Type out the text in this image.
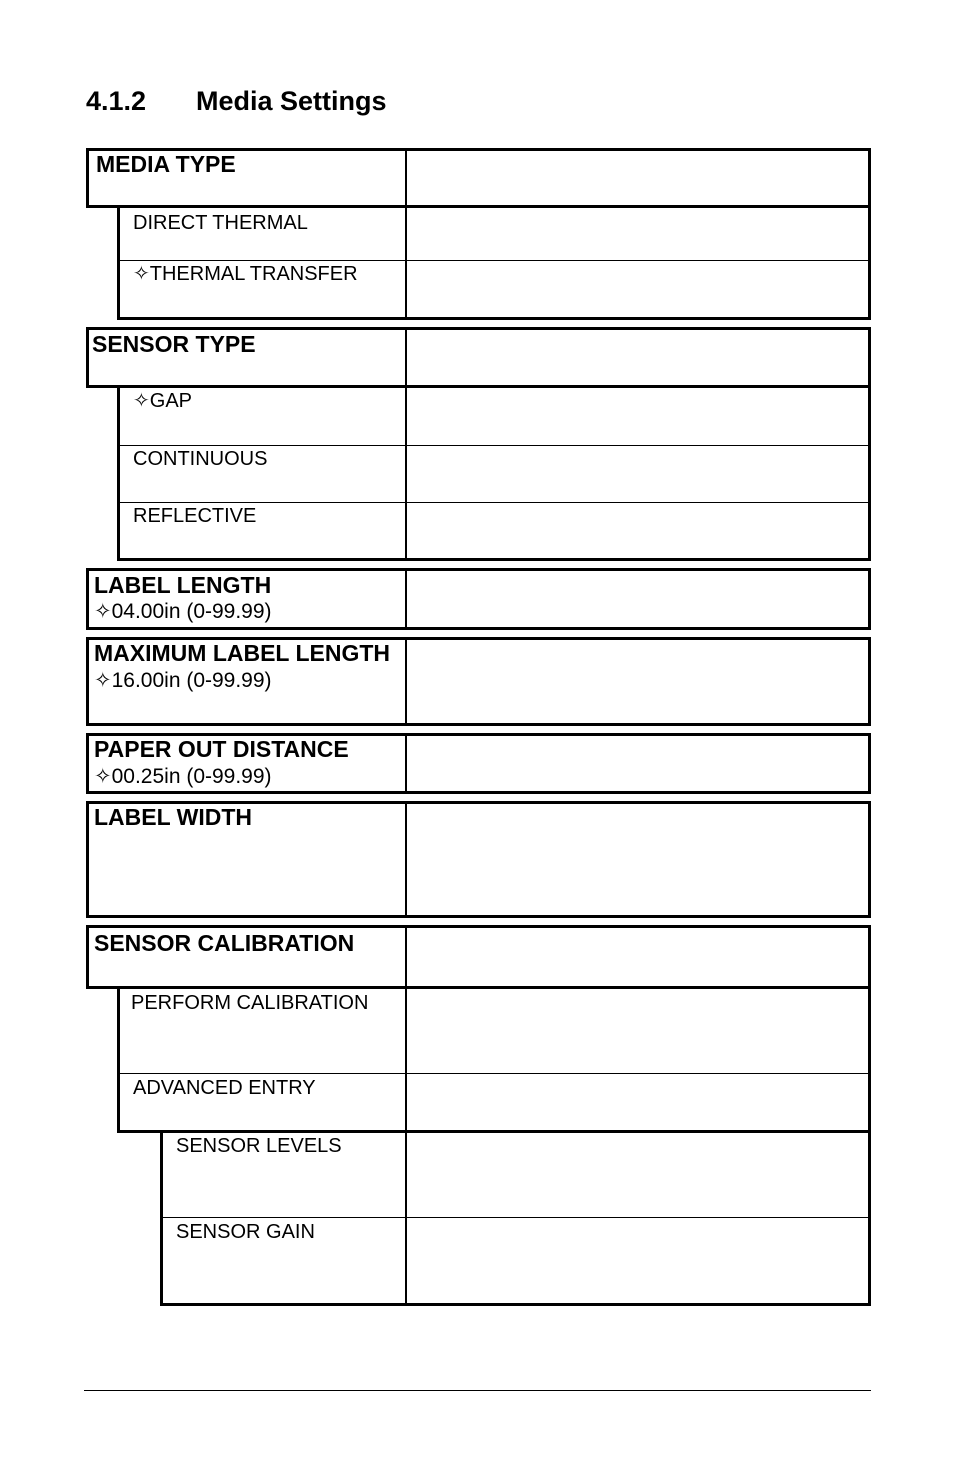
4.1.2 Media Settings
MEDIA TYPE
DIRECT THERMAL
✧THERMAL TRANSFER
SENSOR TYPE
✧GAP
CONTINUOUS
REFLECTIVE
LABEL LENGTH
✧04.00in (0-99.99)
MAXIMUM LABEL LENGTH
✧16.00in (0-99.99)
PAPER OUT DISTANCE
✧00.25in (0-99.99)
LABEL WIDTH
SENSOR CALIBRATION
PERFORM CALIBRATION
ADVANCED ENTRY
SENSOR LEVELS
SENSOR GAIN
